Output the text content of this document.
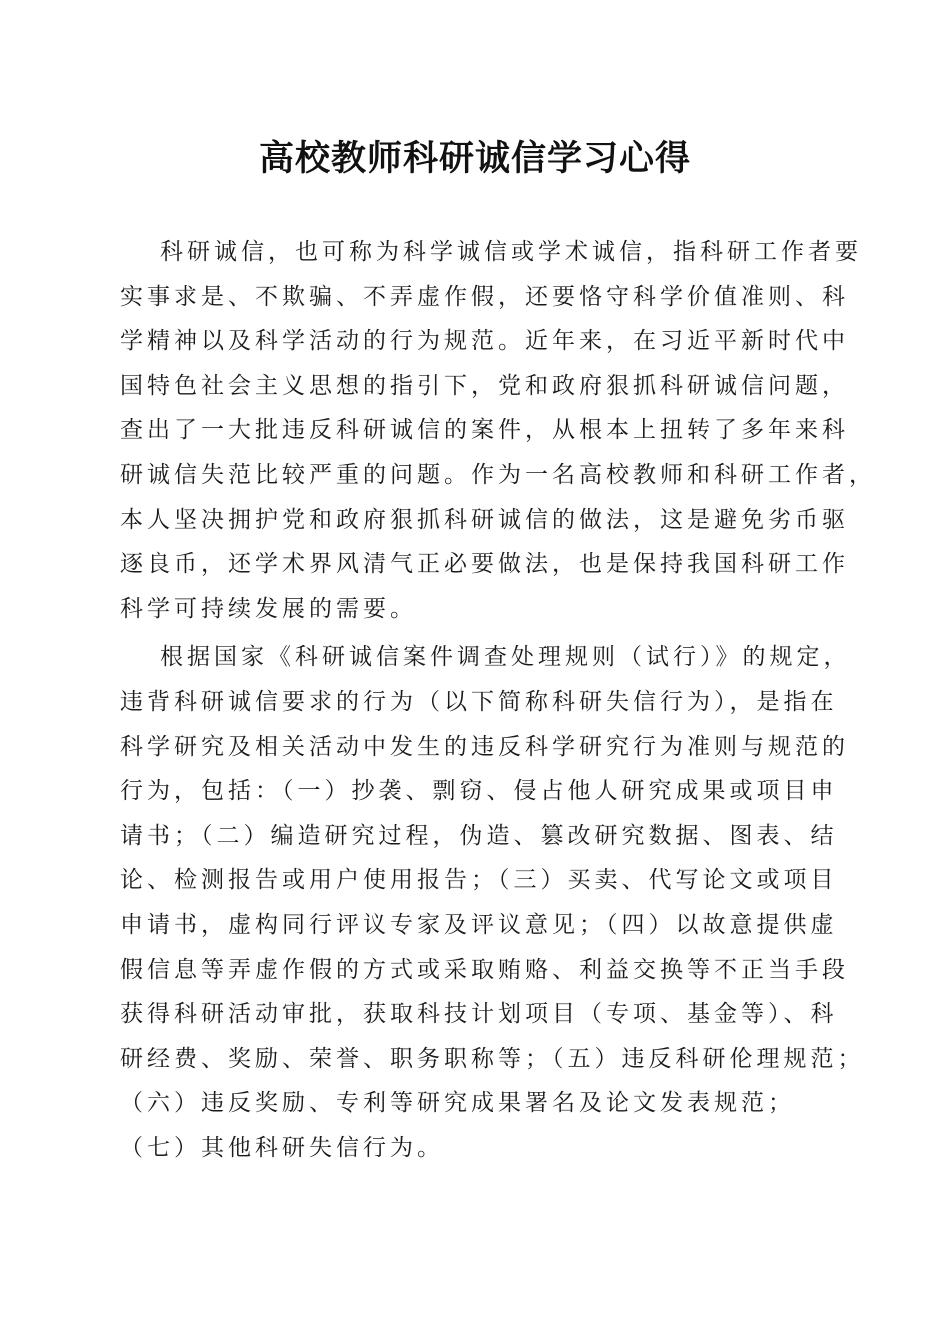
高校教师科研诚信学习心得

科研诚信，也可称为科学诚信或学术诚信，指科研工作者要
实事求是、不欺骗、不弄虚作假，还要恪守科学价值准则、科
学精神以及科学活动的行为规范。近年来，在习近平新时代中
国特色社会主义思想的指引下，党和政府狠抓科研诚信问题，
查出了一大批违反科研诚信的案件，从根本上扭转了多年来科
研诚信失范比较严重的问题。作为一名高校教师和科研工作者，
本人坚决拥护党和政府狠抓科研诚信的做法，这是避免劣币驱
逐良币，还学术界风清气正必要做法，也是保持我国科研工作
科学可持续发展的需要。

根据国家《科研诚信案件调查处理规则（试行）》的规定，
违背科研诚信要求的行为（以下简称科研失信行为），是指在
科学研究及相关活动中发生的违反科学研究行为准则与规范的
行为，包括：（一）抄袭、剽窃、侵占他人研究成果或项目申
请书；（二）编造研究过程，伪造、篡改研究数据、图表、结
论、检测报告或用户使用报告；（三）买卖、代写论文或项目
申请书，虚构同行评议专家及评议意见；（四）以故意提供虚
假信息等弄虚作假的方式或采取贿赂、利益交换等不正当手段
获得科研活动审批，获取科技计划项目（专项、基金等）、科
研经费、奖励、荣誉、职务职称等；（五）违反科研伦理规范；
（六）违反奖励、专利等研究成果署名及论文发表规范；
（七）其他科研失信行为。
